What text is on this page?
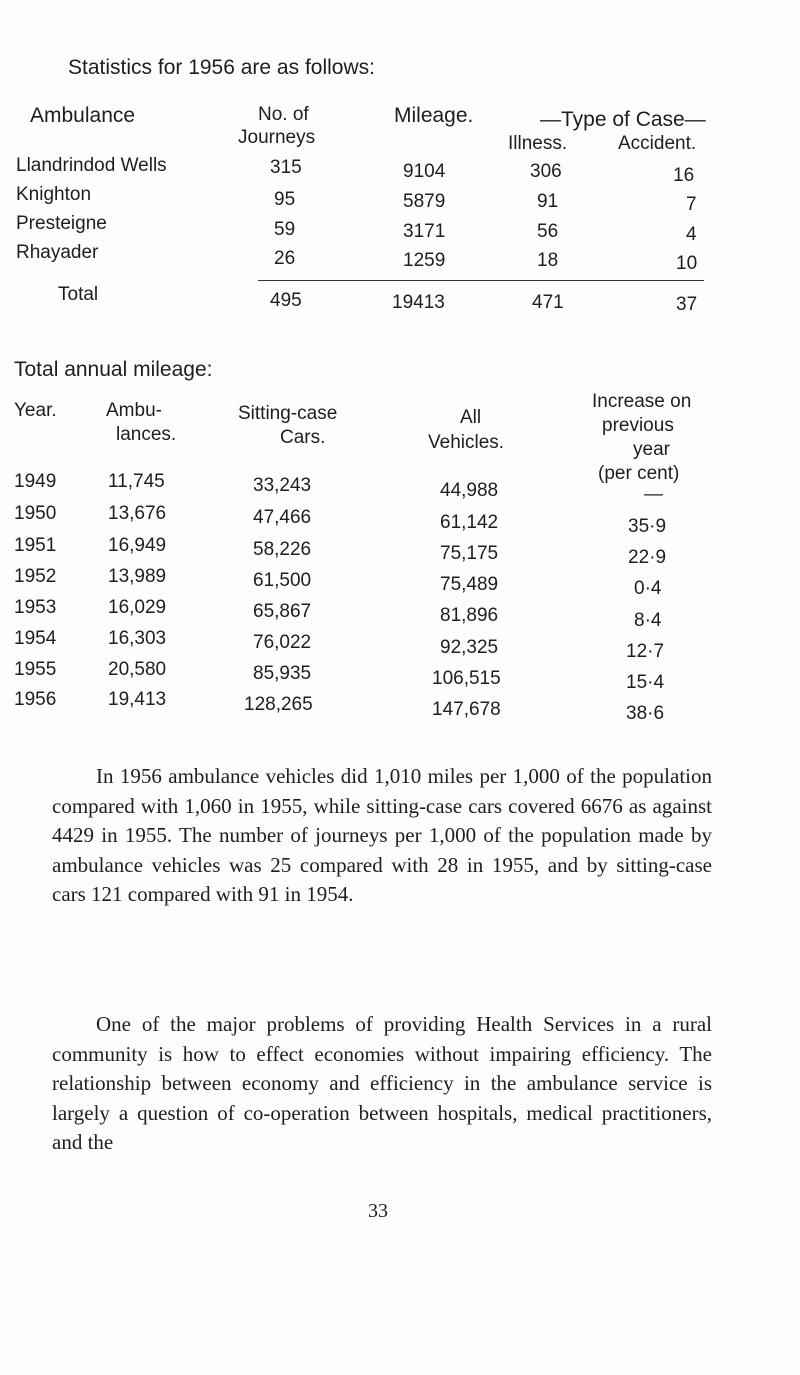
Statistics for 1956 are as follows:
Ambulance	No. of
Journeys
Mileage.	—Type of Case—
Illness.	Accident.
Llandrindod Wells	315	9104	306	16
Knighton	95	5879	91	7
Presteigne	59	3171	56	4
Rhayader	26	1259	18	10
Total	495	19413	471	37
Total annual mileage:
Year.	Ambu-
lances.
Sitting-case
Cars.
All
Vehicles.
Increase on
previous
year
(per cent)
1949	11,745	33,243	44,988	—
1950	13,676	47,466	61,142	35·9
1951	16,949	58,226	75,175	22·9
1952	13,989	61,500	75,489	0·4
1953	16,029	65,867	81,896	8·4
1954	16,303	76,022	92,325	12·7
1955	20,580	85,935	106,515	15·4
1956	19,413	128,265	147,678	38·6

In 1956 ambulance vehicles did 1,010 miles per 1,000 of the population compared with 1,060 in 1955, while sitting-case cars covered 6676 as against 4429 in 1955. The number of journeys per 1,000 of the population made by ambulance vehicles was 25 compared with 28 in 1955, and by sitting-case cars 121 compared with 91 in 1954.

One of the major problems of providing Health Services in a rural community is how to effect economies without impairing efficiency. The relationship between economy and efficiency in the ambulance service is largely a question of co-operation between hospitals, medical practitioners, and the

33
